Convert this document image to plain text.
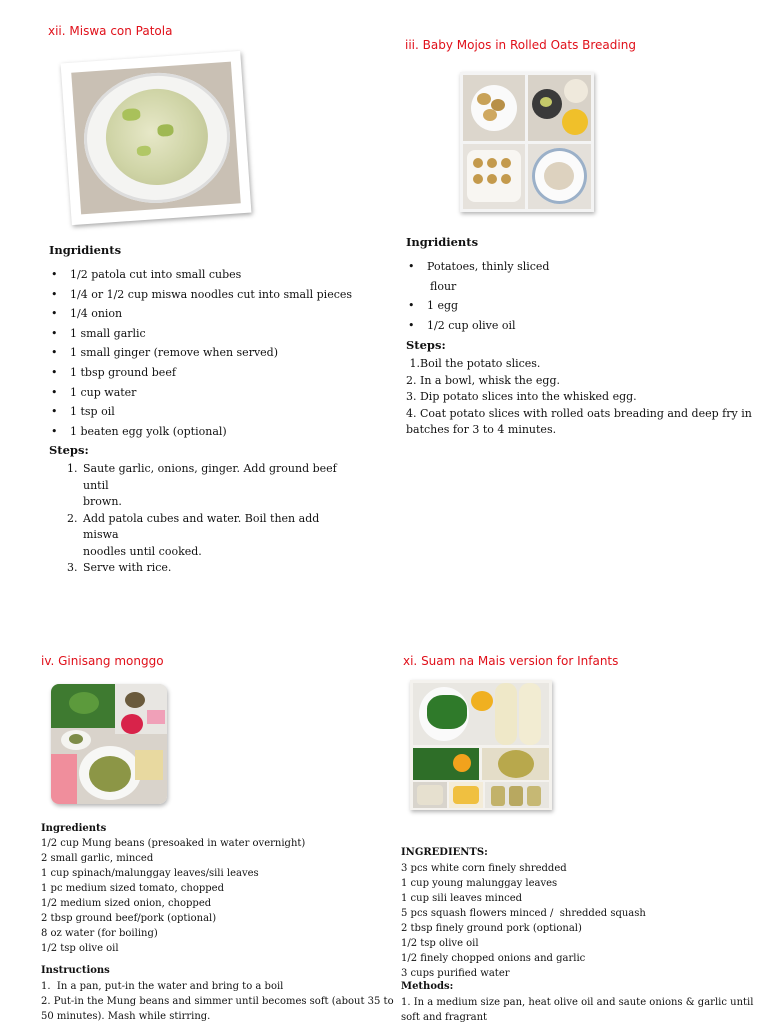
xii. Miswa con Patola
Ingridients
• 1/2 patola cut into small cubes
• 1/4 or 1/2 cup miswa noodles cut into small pieces
• 1/4 onion
• 1 small garlic
• 1 small ginger (remove when served)
• 1 tbsp ground beef
• 1 cup water
• 1 tsp oil
• 1 beaten egg yolk (optional)
Steps:
1. Saute garlic, onions, ginger. Add ground beef until
brown.
2. Add patola cubes and water. Boil then add miswa
noodles until cooked.
3. Serve with rice.
iii. Baby Mojos in Rolled Oats Breading
Ingridients
• Potatoes, thinly sliced
flour
• 1 egg
• 1/2 cup olive oil
Steps:
1.Boil the potato slices.
2. In a bowl, whisk the egg.
3. Dip potato slices into the whisked egg.
4. Coat potato slices with rolled oats breading and deep fry in
batches for 3 to 4 minutes.
iv. Ginisang monggo
Ingredients
1/2 cup Mung beans (presoaked in water overnight)
2 small garlic, minced
1 cup spinach/malunggay leaves/sili leaves
1 pc medium sized tomato, chopped
1/2 medium sized onion, chopped
2 tbsp ground beef/pork (optional)
8 oz water (for boiling)
1/2 tsp olive oil
Instructions
1.  In a pan, put-in the water and bring to a boil
2. Put-in the Mung beans and simmer until becomes soft (about 35 to
50 minutes). Mash while stirring.
xi. Suam na Mais version for Infants
INGREDIENTS:
3 pcs white corn finely shredded
1 cup young malunggay leaves
1 cup sili leaves minced
5 pcs squash flowers minced /  shredded squash
2 tbsp finely ground pork (optional)
1/2 tsp olive oil
1/2 finely chopped onions and garlic
3 cups purified water
Methods:
1. In a medium size pan, heat olive oil and saute onions & garlic until
soft and fragrant
